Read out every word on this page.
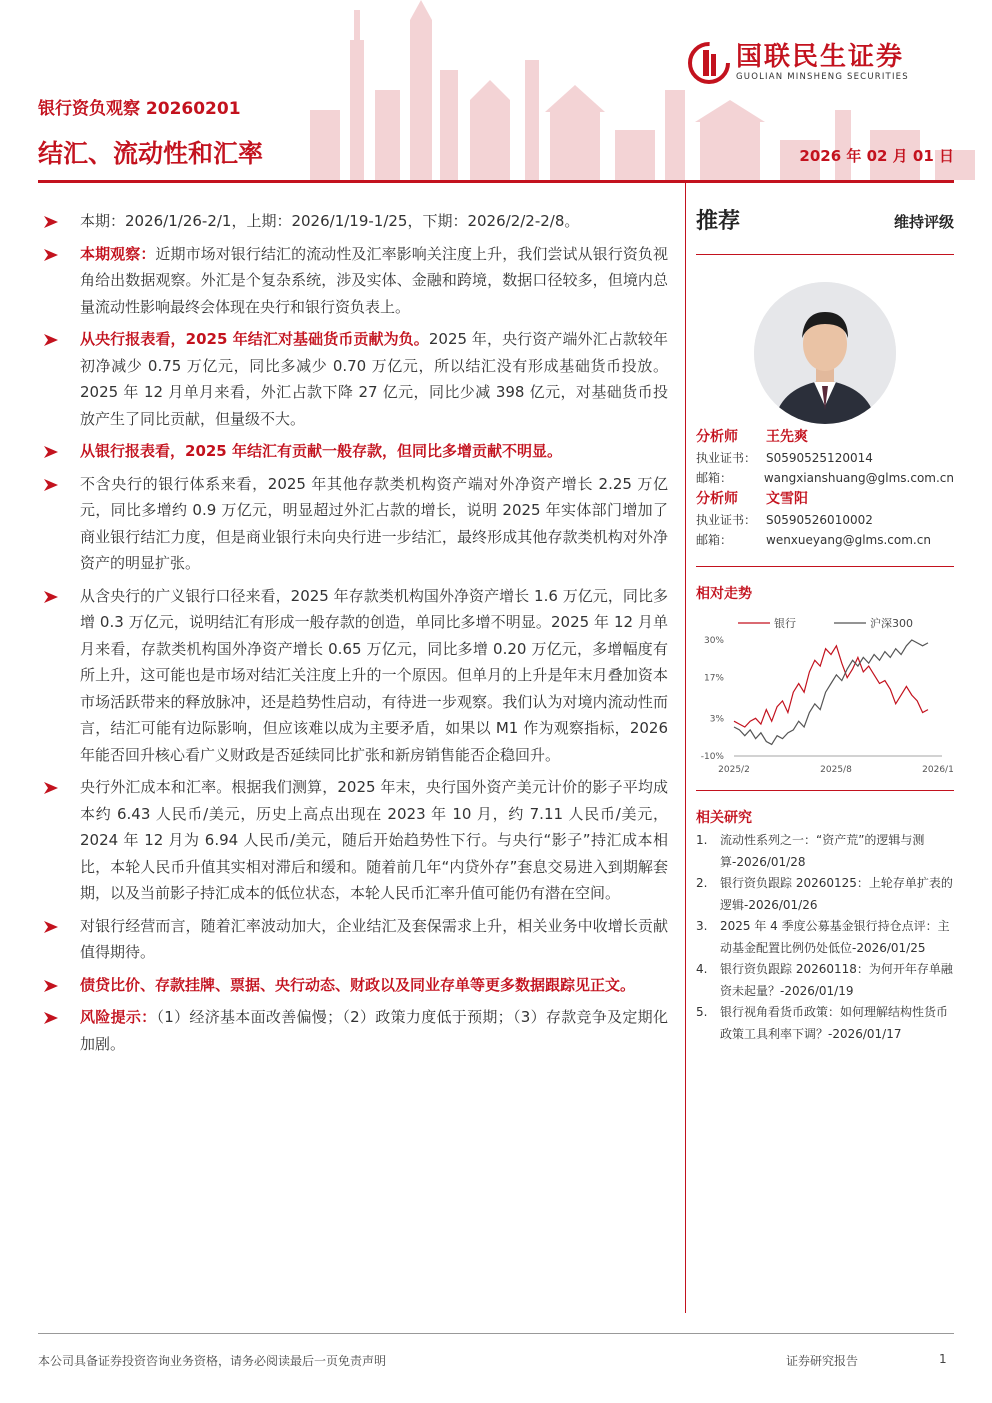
国联民生证券
GUOLIAN MINSHENG SECURITIES
银行资负观察 20260201
结汇、流动性和汇率	2026 年 02 月 01 日
本期：2026/1/26-2/1，上期：2026/1/19-1/25，下期：2026/2/2-2/8。
本期观察：近期市场对银行结汇的流动性及汇率影响关注度上升，我们尝试从银行资负视角给出数据观察。外汇是个复杂系统，涉及实体、金融和跨境，数据口径较多，但境内总量流动性影响最终会体现在央行和银行资负表上。
从央行报表看，2025 年结汇对基础货币贡献为负。2025 年，央行资产端外汇占款较年初净减少 0.75 万亿元，同比多减少 0.70 万亿元，所以结汇没有形成基础货币投放。2025 年 12 月单月来看，外汇占款下降 27 亿元，同比少减 398 亿元，对基础货币投放产生了同比贡献，但量级不大。
从银行报表看，2025 年结汇有贡献一般存款，但同比多增贡献不明显。
不含央行的银行体系来看，2025 年其他存款类机构资产端对外净资产增长 2.25 万亿元，同比多增约 0.9 万亿元，明显超过外汇占款的增长，说明 2025 年实体部门增加了商业银行结汇力度，但是商业银行未向央行进一步结汇，最终形成其他存款类机构对外净资产的明显扩张。
从含央行的广义银行口径来看，2025 年存款类机构国外净资产增长 1.6 万亿元，同比多增 0.3 万亿元，说明结汇有形成一般存款的创造，单同比多增不明显。2025 年 12 月单月来看，存款类机构国外净资产增长 0.65 万亿元，同比多增 0.20 万亿元，多增幅度有所上升，这可能也是市场对结汇关注度上升的一个原因。但单月的上升是年末月叠加资本市场活跃带来的释放脉冲，还是趋势性启动，有待进一步观察。我们认为对境内流动性而言，结汇可能有边际影响，但应该难以成为主要矛盾，如果以 M1 作为观察指标，2026 年能否回升核心看广义财政是否延续同比扩张和新房销售能否企稳回升。
央行外汇成本和汇率。根据我们测算，2025 年末，央行国外资产美元计价的影子平均成本约 6.43 人民币/美元，历史上高点出现在 2023 年 10 月，约 7.11 人民币/美元，2024 年 12 月为 6.94 人民币/美元，随后开始趋势性下行。与央行“影子”持汇成本相比，本轮人民币升值其实相对滞后和缓和。随着前几年“内贷外存”套息交易进入到期解套期，以及当前影子持汇成本的低位状态，本轮人民币汇率升值可能仍有潜在空间。
对银行经营而言，随着汇率波动加大，企业结汇及套保需求上升，相关业务中收增长贡献值得期待。
债贷比价、存款挂牌、票据、央行动态、财政以及同业存单等更多数据跟踪见正文。
风险提示：（1）经济基本面改善偏慢；（2）政策力度低于预期；（3）存款竞争及定期化加剧。
推荐	维持评级
分析师	王先爽
执业证书： S0590525120014
邮箱：	wangxianshuang@glms.com.cn
分析师	文雪阳
执业证书： S0590526010002
邮箱：	wenxueyang@glms.com.cn
相对走势
银行	沪深300
30%
17%
3%
-10%
2025/2	2025/8	2026/1
相关研究
1.	流动性系列之一：“资产荒”的逻辑与测算-2026/01/28
2.	银行资负跟踪 20260125：上轮存单扩表的逻辑-2026/01/26
3.	2025 年 4 季度公募基金银行持仓点评：主动基金配置比例仍处低位-2026/01/25
4.	银行资负跟踪 20260118：为何开年存单融资未起量？-2026/01/19
5.	银行视角看货币政策：如何理解结构性货币政策工具利率下调？-2026/01/17
本公司具备证券投资咨询业务资格，请务必阅读最后一页免责声明	证券研究报告	1
